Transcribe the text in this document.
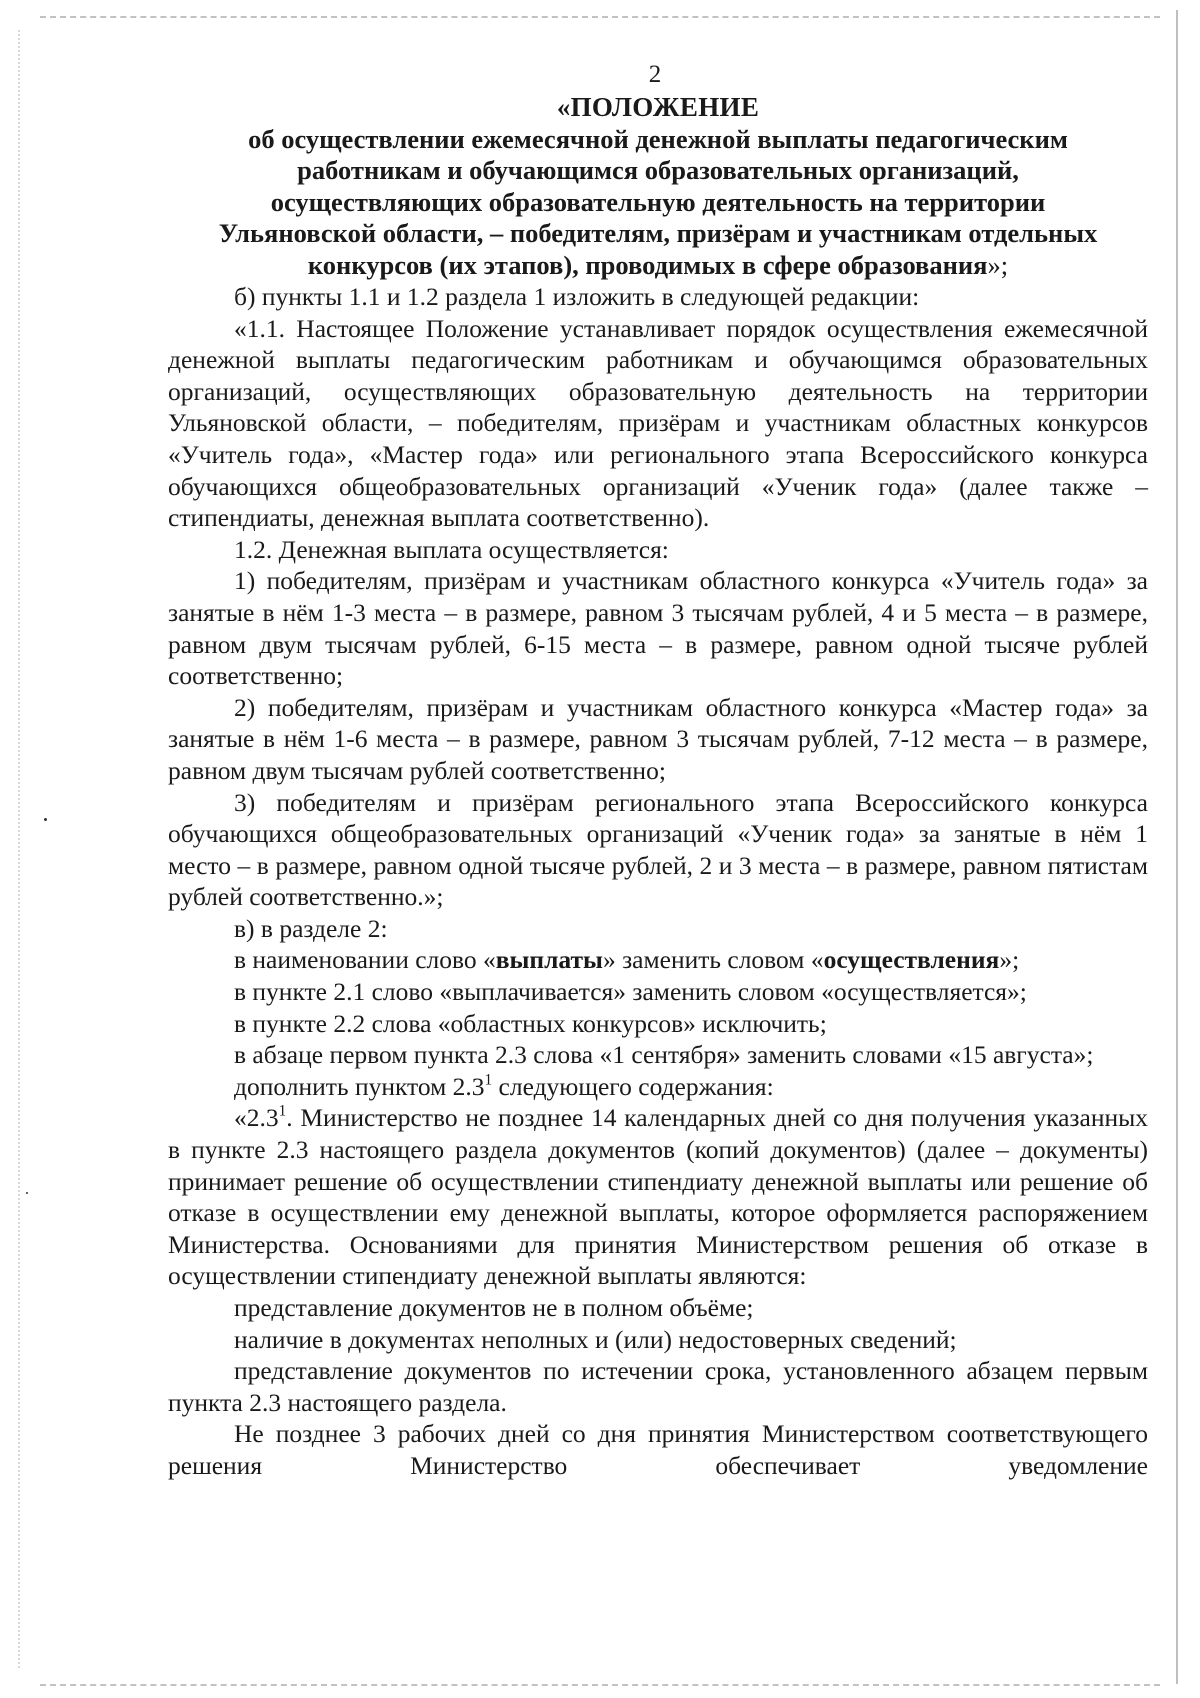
2
«ПОЛОЖЕНИЕ
об осуществлении ежемесячной денежной выплаты педагогическим
работникам и обучающимся образовательных организаций,
осуществляющих образовательную деятельность на территории
Ульяновской области, – победителям, призёрам и участникам отдельных
конкурсов (их этапов), проводимых в сфере образования»;

б) пункты 1.1 и 1.2 раздела 1 изложить в следующей редакции:

«1.1. Настоящее Положение устанавливает порядок осуществления ежемесячной денежной выплаты педагогическим работникам и обучающимся образовательных организаций, осуществляющих образовательную деятельность на территории Ульяновской области, – победителям, призёрам и участникам областных конкурсов «Учитель года», «Мастер года» или регионального этапа Всероссийского конкурса обучающихся общеобразовательных организаций «Ученик года» (далее также – стипендиаты, денежная выплата соответственно).

1.2. Денежная выплата осуществляется:

1) победителям, призёрам и участникам областного конкурса «Учитель года» за занятые в нём 1-3 места – в размере, равном 3 тысячам рублей, 4 и 5 места – в размере, равном двум тысячам рублей, 6-15 места – в размере, равном одной тысяче рублей соответственно;

2) победителям, призёрам и участникам областного конкурса «Мастер года» за занятые в нём 1-6 места – в размере, равном 3 тысячам рублей, 7-12 места – в размере, равном двум тысячам рублей соответственно;

3) победителям и призёрам регионального этапа Всероссийского конкурса обучающихся общеобразовательных организаций «Ученик года» за занятые в нём 1 место – в размере, равном одной тысяче рублей, 2 и 3 места – в размере, равном пятистам рублей соответственно.»;

в) в разделе 2:

в наименовании слово «выплаты» заменить словом «осуществления»;

в пункте 2.1 слово «выплачивается» заменить словом «осуществляется»;

в пункте 2.2 слова «областных конкурсов» исключить;

в абзаце первом пункта 2.3 слова «1 сентября» заменить словами «15 августа»;

дополнить пунктом $2.3^1$ следующего содержания:

«$2.3^1$. Министерство не позднее 14 календарных дней со дня получения указанных в пункте 2.3 настоящего раздела документов (копий документов) (далее – документы) принимает решение об осуществлении стипендиату денежной выплаты или решение об отказе в осуществлении ему денежной выплаты, которое оформляется распоряжением Министерства. Основаниями для принятия Министерством решения об отказе в осуществлении стипендиату денежной выплаты являются:

представление документов не в полном объёме;

наличие в документах неполных и (или) недостоверных сведений;

представление документов по истечении срока, установленного абзацем первым пункта 2.3 настоящего раздела.

Не позднее 3 рабочих дней со дня принятия Министерством соответствующего решения Министерство обеспечивает уведомление
